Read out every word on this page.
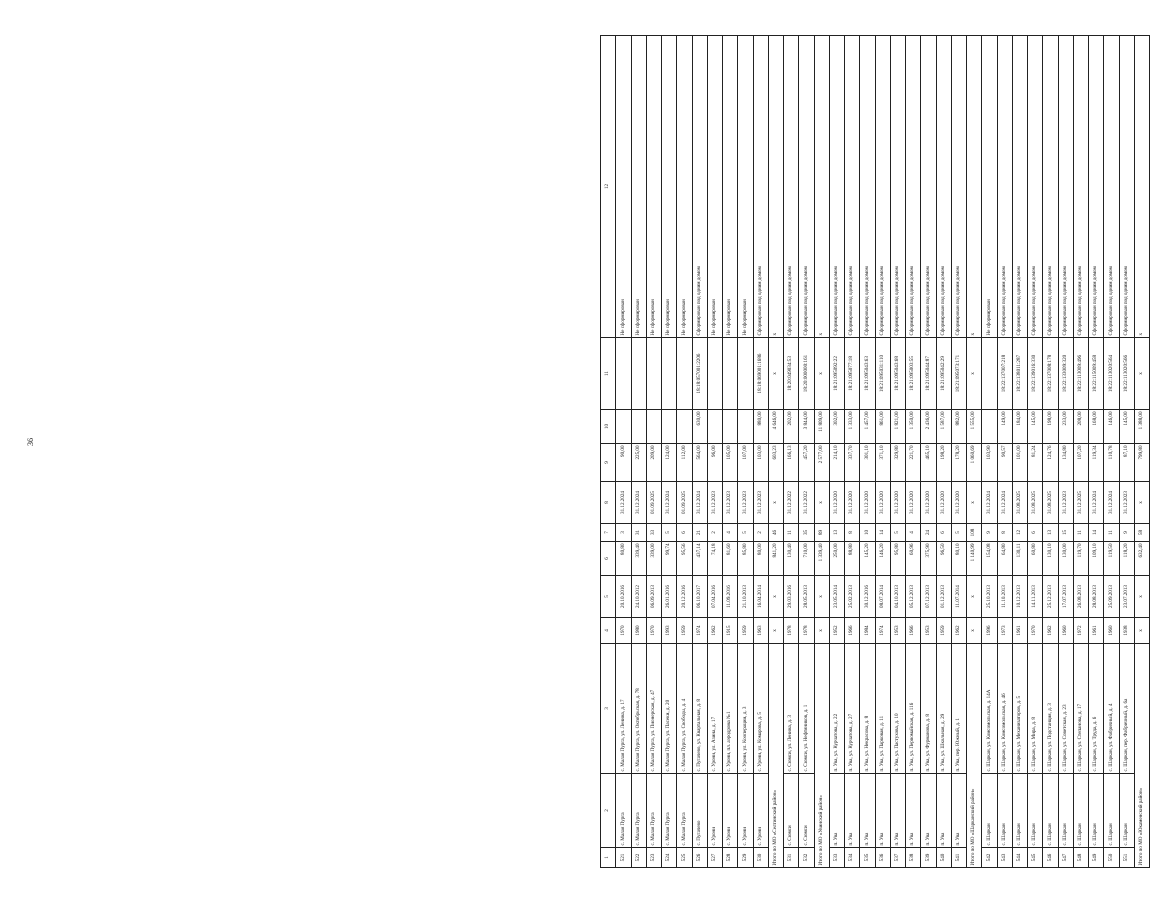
36
1	2	3	4	5	6	7	8	9	10	11	12
521	с. Малая Пурга	с. Малая Пурга, ул. Ленина, д. 17	1970	20.10.2016	80,80	3	31.12.2024	90,00			Не сформирован
522	с. Малая Пурга	с. Малая Пурга, ул. Октябрьская, д. 78	1980	24.10.2012	339,40	31	31.12.2024	225,00			Не сформирован
523	с. Малая Пурга	с. Малая Пурга, ул. Пионерская, д. 47	1970	06.09.2013	339,00	33	01.09.2025	209,00			Не сформирован
524	с. Малая Пурга	с. Малая Пурга, ул. Пасеки, д. 20	1993	26.01.2016	99,74	5	31.12.2024	124,00			Не сформирован
525	с. Малая Пурга	с. Малая Пурга, ул. Свободы, д. 4	1959	20.12.2016	95,56	6	01.09.2025	112,00			Не сформирован
526	с. Пугачево	с. Пугачево, ул. Квартальная, д. 8	1974	06.10.2017	437,14	21	31.12.2024	564,00	630,00	18:18:057001:2206	Сформирован под одним домом
527	с. Урони	с. Урони, ул. Азина, д. 17	1962	07.04.2016	74,18	2	31.12.2023	96,00			Не сформирован
528	с. Урони	с. Урони, пл. аэродрома №1	1915	11.09.2016	81,60	4	31.12.2023	105,00			Не сформирован
529	с. Урони	с. Урони, ул. Кооперации, д. 3	1959	21.10.2013	85,80	5	31.12.2023	107,00			Не сформирован
530	с. Урони	с. Урони, ул. Комарова, д. 5	1963	16.04.2014	80,00	2	31.12.2023	103,00	880,00	18:18:069001:1686	Сформирован под одним домом
Итого по МО «Селтинский район»			x	x	841,20	46	x	603,23	4 646,00	x	x
531	с. Сюмси	с. Сюмси, ул. Ленина, д. 3	1978	29.03.2016	130,40	11	31.12.2022	166,13	202,00	18:20:049034:53	Сформирован под одним домом
532	с. Сюмси	с. Сюмси, ул. Нефтяников, д. 1	1978	28.05.2013	710,00	35	31.12.2022	457,20	3 844,00	18:20:000000:161	Сформирован под одним домом
Итого по МО «Увинский район»			x	x	1 339,40	89	x	2 577,00	11 809,00	x	x
533	п. Ува	п. Ува, ул. Курчатова, д. 22	1952	23.05.2014	250,00	13	31.12.2020	214,10	302,00	18:21:095092:22	Сформирован под одним домом
534	п. Ува	п. Ува, ул. Курчатова, д. 27	1966	25.02.2013	88,80	8	31.12.2020	337,70	1 333,00	18:21:095077:18	Сформирован под одним домом
535	п. Ува	п. Ува, ул. Некрасова, д. 8	1984	30.12.2016	145,20	10	31.12.2020	301,10	1 457,00	18:21:095043:63	Сформирован под одним домом
536	п. Ува	п. Ува, ул. Парковая, д. 11	1974	08.07.2014	146,20	14	31.12.2020	371,10	861,00	18:21:095031:110	Сформирован под одним домом
537	п. Ува	п. Ува, ул. Пастухова, д. 10	1953	04.10.2013	95,80	5	31.12.2020	329,80	1 821,00	18:21:095043:68	Сформирован под одним домом
538	п. Ува	п. Ува, ул. Первомайская, д. 116	1966	05.12.2013	60,96	4	31.12.2020	221,70	1 350,00	18:21:095003:55	Сформирован под одним домом
539	п. Ува	п. Ува, ул. Фурманова, д. 8	1953	07.12.2013	375,90	24	31.12.2020	465,10	2 436,00	18:21:095044:87	Сформирован под одним домом
540	п. Ува	п. Ува, ул. Школьная, д. 29	1959	01.12.2013	96,50	6	31.12.2020	198,20	1 587,00	18:21:095042:29	Сформирован под одним домом
541	п. Ува	п. Ува, пер. Южный, д. 1	1962	11.07.2014	80,10	5	31.12.2020	178,20	882,00	18:21:095073:171	Сформирован под одним домом
Итого по МО «Шарканский район»			x	x	1 140,99	108	x	1 060,69	1 555,00	x	x
542	с. Шаркан	с. Шаркан, ул. Комсомольская, д. 14А	1996	25.10.2013	154,08	9	31.12.2024	103,90			Не сформирован
543	с. Шаркан	с. Шаркан, ул. Комсомольская, д. 46	1973	11.10.2013	64,80	8	31.12.2024	90,57	149,00	18:22:137007:218	Сформирован под одним домом
544	с. Шаркан	с. Шаркан, ул. Механизаторов, д. 5	1961	10.12.2013	130,11	12	31.08.2025	101,00	184,00	18:22:138011:287	Сформирован под одним домом
545	с. Шаркан	с. Шаркан, ул. Мира, д. 8	1970	14.11.2013	60,80	6	31.08.2025	81,24	145,00	18:22:139016:330	Сформирован под одним домом
546	с. Шаркан	с. Шаркан, ул. Подстанция, д. 3	1962	25.12.2013	130,10	13	31.08.2025	124,76	198,00	18:22:137008:178	Сформирован под одним домом
547	с. Шаркан	с. Шаркан, ул. Советская, д. 23	1960	17.07.2013	130,00	15	31.12.2023	134,80	233,00	18:22:133009:320	Сформирован под одним домом
548	с. Шаркан	с. Шаркан, ул. Степанова, д. 17	1972	26.08.2013	119,70	11	31.12.2025	107,20	208,00	18:22:113009:496	Сформирован под одним домом
549	с. Шаркан	с. Шаркан, ул. Труда, д. 6	1961	28.08.2013	109,10	14	31.12.2024	119,34	168,00	18:22:115009:458	Сформирован под одним домом
550	с. Шаркан	с. Шаркан, ул. Фабричный, д. 4	1960	25.09.2013	119,50	11	31.12.2024	110,78	146,00	18:22:113020:564	Сформирован под одним домом
551	с. Шаркан	с. Шаркан, пер. Фабричный, д. 6а	1938	23.07.2013	118,20	9	31.12.2023	87,10	145,00	18:22:113020:566	Сформирован под одним домом
Итого по МО «Юкаменский район»			x	x	632,40	58	x	799,80	1 388,00	x	x
